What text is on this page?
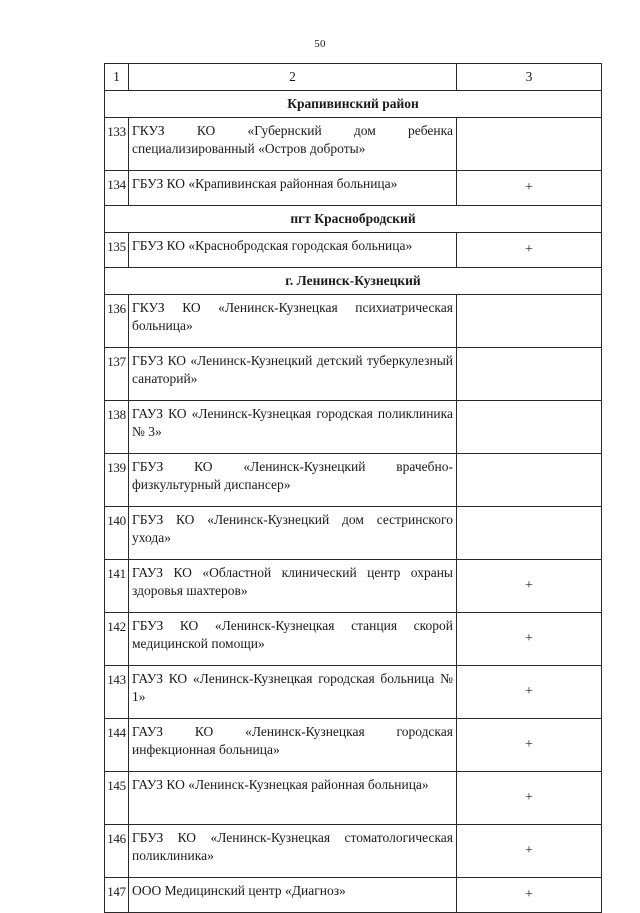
50
1	2	3
Крапивинский район		
133	ГКУЗ КО «Губернский дом ребенка специализированный «Остров доброты»	
134	ГБУЗ КО «Крапивинская районная больница»	+
пгт Краснобродский		
135	ГБУЗ КО «Краснобродская городская больница»	+
г. Ленинск-Кузнецкий		
136	ГКУЗ КО «Ленинск-Кузнецкая психиатрическая больница»	
137	ГБУЗ КО «Ленинск-Кузнецкий детский туберкулезный санаторий»	
138	ГАУЗ КО «Ленинск-Кузнецкая городская поликлиника № 3»	
139	ГБУЗ КО «Ленинск-Кузнецкий врачебно-физкультурный диспансер»	
140	ГБУЗ КО «Ленинск-Кузнецкий дом сестринского ухода»	
141	ГАУЗ КО «Областной клинический центр охраны здоровья шахтеров»	+
142	ГБУЗ КО «Ленинск-Кузнецкая станция скорой медицинской помощи»	+
143	ГАУЗ КО «Ленинск-Кузнецкая городская больница № 1»	+
144	ГАУЗ КО «Ленинск-Кузнецкая городская инфекционная больница»	+
145	ГАУЗ КО «Ленинск-Кузнецкая районная больница»	+
146	ГБУЗ КО «Ленинск-Кузнецкая стоматологическая поликлиника»	+
147	ООО Медицинский центр «Диагноз»	+
